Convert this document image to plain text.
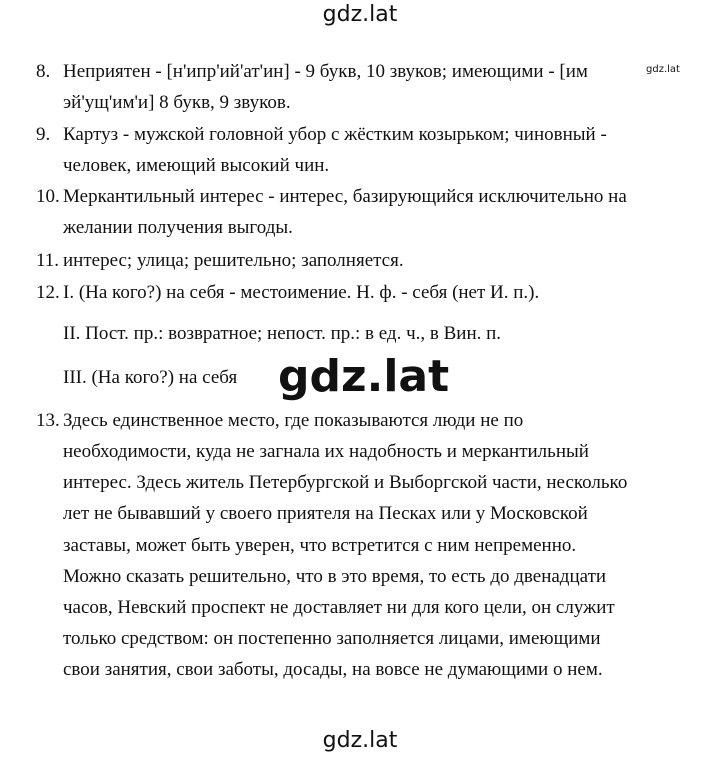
gdz.lat
gdz.lat
8. Неприятен - [н'ипр'ий'ат'ин] - 9 букв, 10 звуков; имеющими - [им
эй'ущ'им'и] 8 букв, 9 звуков.
9. Картуз - мужской головной убор с жёстким козырьком; чиновный -
человек, имеющий высокий чин.
10. Меркантильный интерес - интерес, базирующийся исключительно на
желании получения выгоды.
11. интерес; улица; решительно; заполняется.
12. I. (На кого?) на себя - местоимение. Н. ф. - себя (нет И. п.).
II. Пост. пр.: возвратное; непост. пр.: в ед. ч., в Вин. п.
III. (На кого?) на себя gdz.lat
13. Здесь единственное место, где показываются люди не по
необходимости, куда не загнала их надобность и меркантильный
интерес. Здесь житель Петербургской и Выборгской части, несколько
лет не бывавший у своего приятеля на Песках или у Московской
заставы, может быть уверен, что встретится с ним непременно.
Можно сказать решительно, что в это время, то есть до двенадцати
часов, Невский проспект не доставляет ни для кого цели, он служит
только средством: он постепенно заполняется лицами, имеющими
свои занятия, свои заботы, досады, на вовсе не думающими о нем.
gdz.lat
